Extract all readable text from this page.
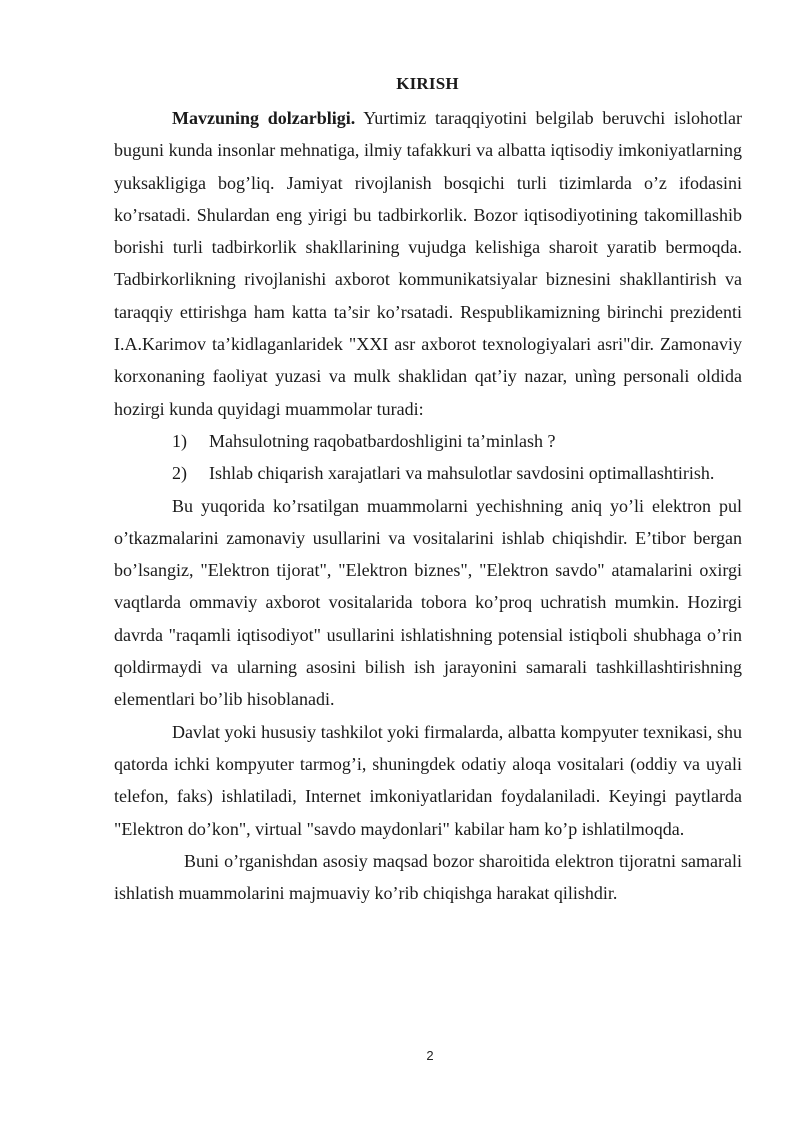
KIRISH

Mavzuning dolzarbligi. Yurtimiz taraqqiyotini belgilab beruvchi islohotlar buguni kunda insonlar mehnatiga, ilmiy tafakkuri va albatta iqtisodiy imkoniyatlarning yuksakligiga bog’liq. Jamiyat rivojlanish bosqichi turli tizimlarda o’z ifodasini ko’rsatadi. Shulardan eng yirigi bu tadbirkorlik. Bozor iqtisodiyotining takomillashib borishi turli tadbirkorlik shakllarining vujudga kelishiga sharoit yaratib bermoqda. Tadbirkorlikning rivojlanishi axborot kommunikatsiyalar biznesini shakllantirish va taraqqiy ettirishga ham katta ta’sir ko’rsatadi. Respublikamizning birinchi prezidenti I.A.Karimov ta’kidlaganlaridek "XXI asr axborot texnologiyalari asri"dir. Zamonaviy korxonaning faoliyat yuzasi va mulk shaklidan qat’iy nazar, unìng personali oldida hozirgi kunda quyidagi muammolar turadi:

1) Mahsulotning raqobatbardoshligini ta’minlash ?
2) Ishlab chiqarish xarajatlari va mahsulotlar savdosini optimallashtirish.

Bu yuqorida ko’rsatilgan muammolarni yechishning aniq yo’li elektron pul o’tkazmalarini zamonaviy usullarini va vositalarini ishlab chiqishdir. E’tibor bergan bo’lsangiz, "Elektron tijorat", "Elektron biznes", "Elektron savdo" atamalarini oxirgi vaqtlarda ommaviy axborot vositalarida tobora ko’proq uchratish mumkin. Hozirgi davrda "raqamli iqtisodiyot" usullarini ishlatishning potensial istiqboli shubhaga o’rin qoldirmaydi va ularning asosini bilish ish jarayonini samarali tashkillashtirishning elementlari bo’lib hisoblanadi.

Davlat yoki hususiy tashkilot yoki firmalarda, albatta kompyuter texnikasi, shu qatorda ichki kompyuter tarmog’i, shuningdek odatiy aloqa vositalari (oddiy va uyali telefon, faks) ishlatiladi, Internet imkoniyatlaridan foydalaniladi. Keyingi paytlarda "Elektron do’kon", virtual "savdo maydonlari" kabilar ham ko’p ishlatilmoqda.

Buni o’rganishdan asosiy maqsad bozor sharoitida elektron tijoratni samarali ishlatish muammolarini majmuaviy ko’rib chiqishga harakat qilishdir.

2
